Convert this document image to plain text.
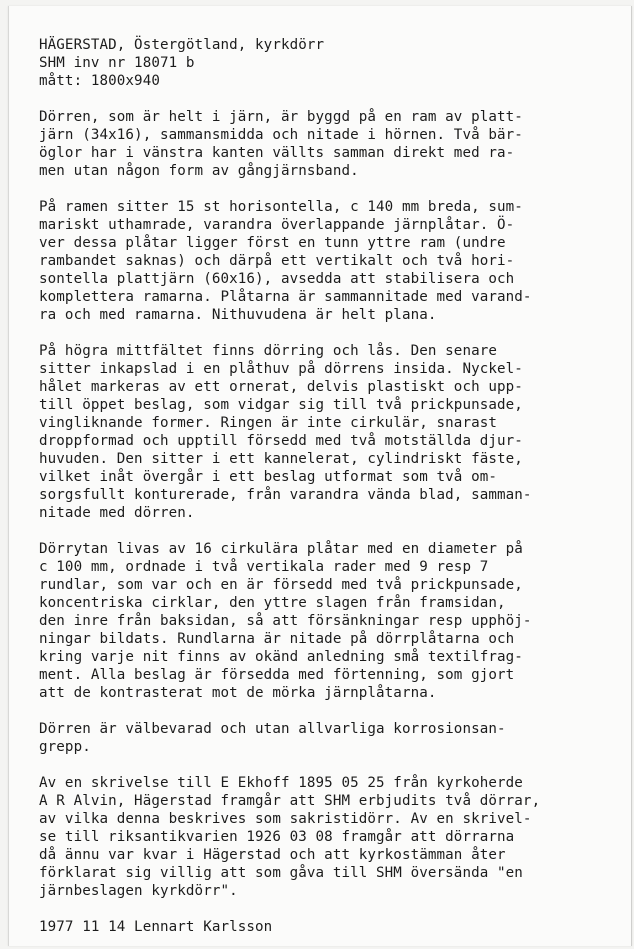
HÄGERSTAD, Östergötland, kyrkdörr
SHM inv nr 18071 b
mått: 1800x940
Dörren, som är helt i järn, är byggd på en ram av platt-
järn (34x16), sammansmidda och nitade i hörnen. Två bär-
öglor har i vänstra kanten vällts samman direkt med ra-
men utan någon form av gångjärnsband.
På ramen sitter 15 st horisontella, c 140 mm breda, sum-
mariskt uthamrade, varandra överlappande järnplåtar. Ö-
ver dessa plåtar ligger först en tunn yttre ram (undre
rambandet saknas) och därpå ett vertikalt och två hori-
sontella plattjärn (60x16), avsedda att stabilisera och
komplettera ramarna. Plåtarna är sammannitade med varand-
ra och med ramarna. Nithuvudena är helt plana.
På högra mittfältet finns dörring och lås. Den senare
sitter inkapslad i en plåthuv på dörrens insida. Nyckel-
hålet markeras av ett ornerat, delvis plastiskt och upp-
till öppet beslag, som vidgar sig till två prickpunsade,
vingliknande former. Ringen är inte cirkulär, snarast
droppformad och upptill försedd med två motställda djur-
huvuden. Den sitter i ett kannelerat, cylindriskt fäste,
vilket inåt övergår i ett beslag utformat som två om-
sorgsfullt konturerade, från varandra vända blad, samman-
nitade med dörren.
Dörrytan livas av 16 cirkulära plåtar med en diameter på
c 100 mm, ordnade i två vertikala rader med 9 resp 7
rundlar, som var och en är försedd med två prickpunsade,
koncentriska cirklar, den yttre slagen från framsidan,
den inre från baksidan, så att försänkningar resp upphöj-
ningar bildats. Rundlarna är nitade på dörrplåtarna och
kring varje nit finns av okänd anledning små textilfrag-
ment. Alla beslag är försedda med förtenning, som gjort
att de kontrasterat mot de mörka järnplåtarna.
Dörren är välbevarad och utan allvarliga korrosionsan-
grepp.
Av en skrivelse till E Ekhoff 1895 05 25 från kyrkoherde
A R Alvin, Hägerstad framgår att SHM erbjudits två dörrar,
av vilka denna beskrives som sakristidörr. Av en skrivel-
se till riksantikvarien 1926 03 08 framgår att dörrarna
då ännu var kvar i Hägerstad och att kyrkostämman åter
förklarat sig villig att som gåva till SHM översända "en
järnbeslagen kyrkdörr".
1977 11 14 Lennart Karlsson
